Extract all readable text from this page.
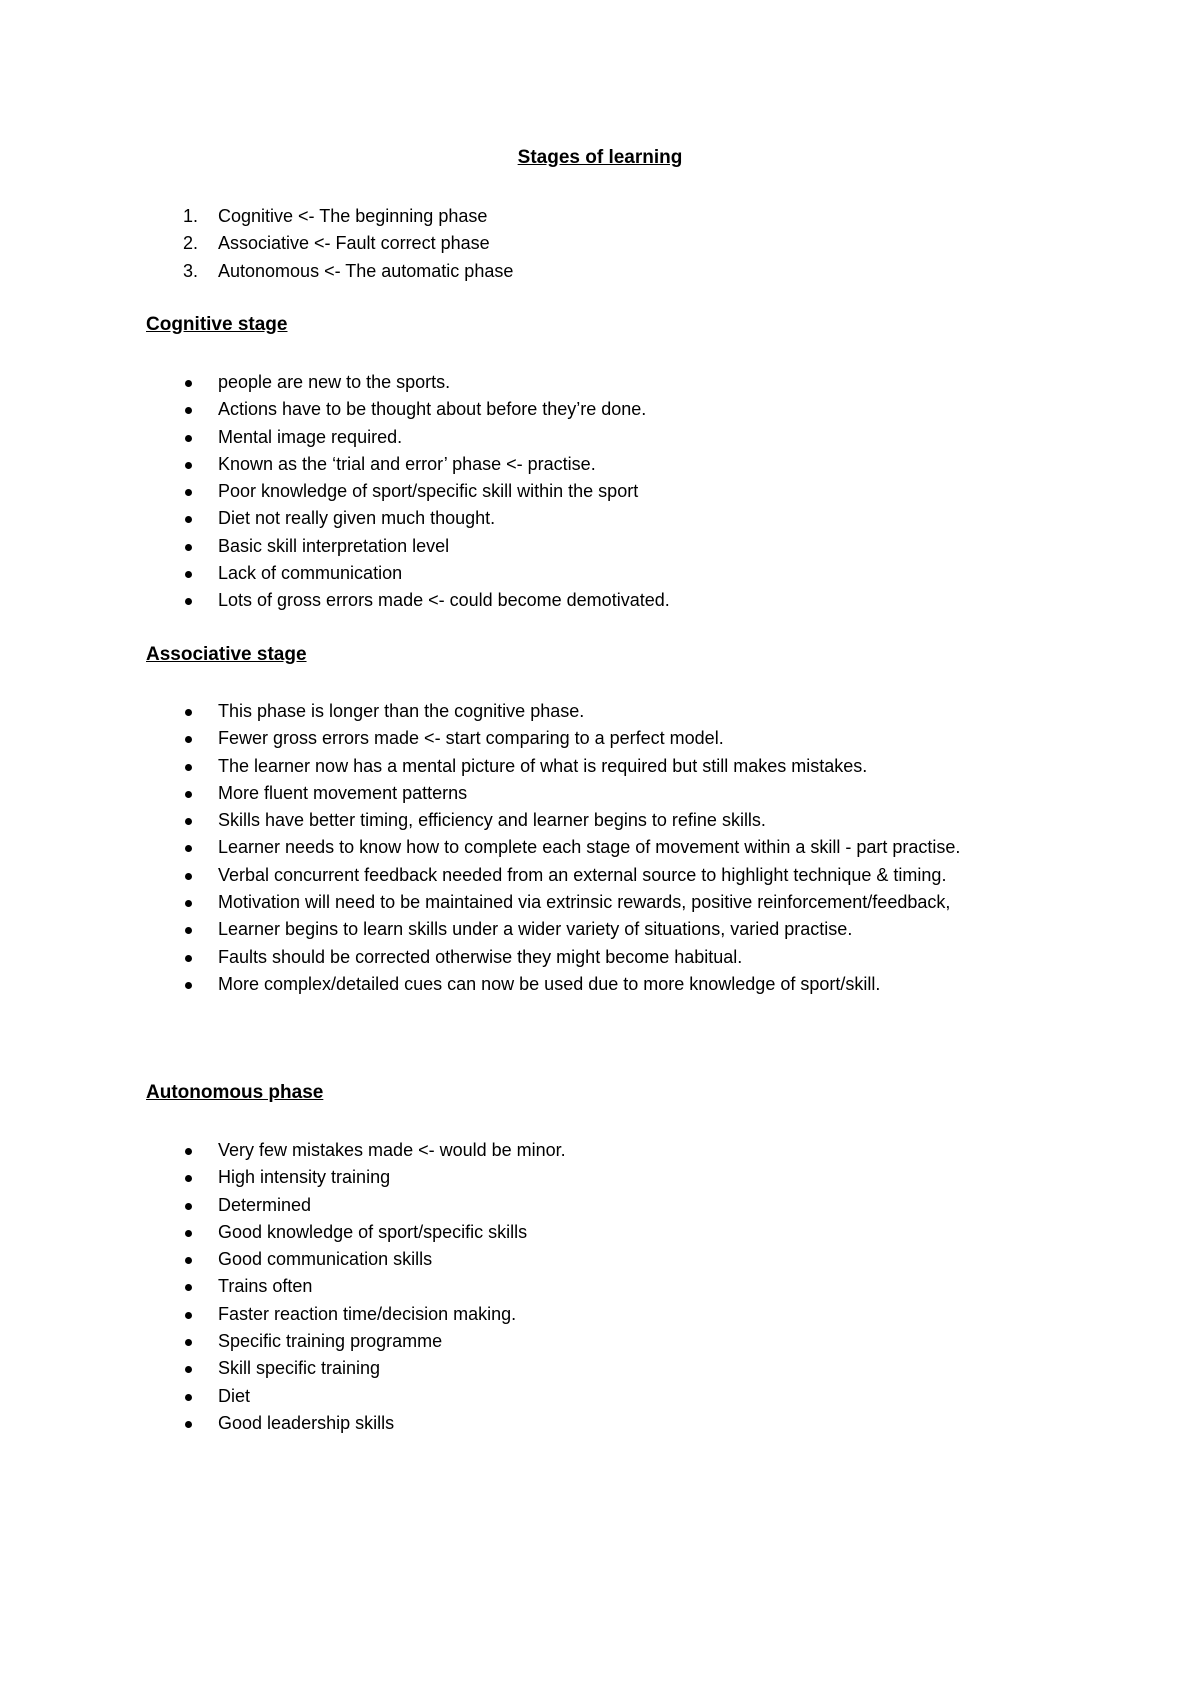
Stages of learning
1. Cognitive <- The beginning phase
2. Associative <- Fault correct phase
3. Autonomous <- The automatic phase
Cognitive stage
people are new to the sports.
Actions have to be thought about before they’re done.
Mental image required.
Known as the ‘trial and error’ phase <- practise.
Poor knowledge of sport/specific skill within the sport
Diet not really given much thought.
Basic skill interpretation level
Lack of communication
Lots of gross errors made <- could become demotivated.
Associative stage
This phase is longer than the cognitive phase.
Fewer gross errors made <- start comparing to a perfect model.
The learner now has a mental picture of what is required but still makes mistakes.
More fluent movement patterns
Skills have better timing, efficiency and learner begins to refine skills.
Learner needs to know how to complete each stage of movement within a skill - part practise.
Verbal concurrent feedback needed from an external source to highlight technique & timing.
Motivation will need to be maintained via extrinsic rewards, positive reinforcement/feedback,
Learner begins to learn skills under a wider variety of situations, varied practise.
Faults should be corrected otherwise they might become habitual.
More complex/detailed cues can now be used due to more knowledge of sport/skill.
Autonomous phase
Very few mistakes made <- would be minor.
High intensity training
Determined
Good knowledge of sport/specific skills
Good communication skills
Trains often
Faster reaction time/decision making.
Specific training programme
Skill specific training
Diet
Good leadership skills
